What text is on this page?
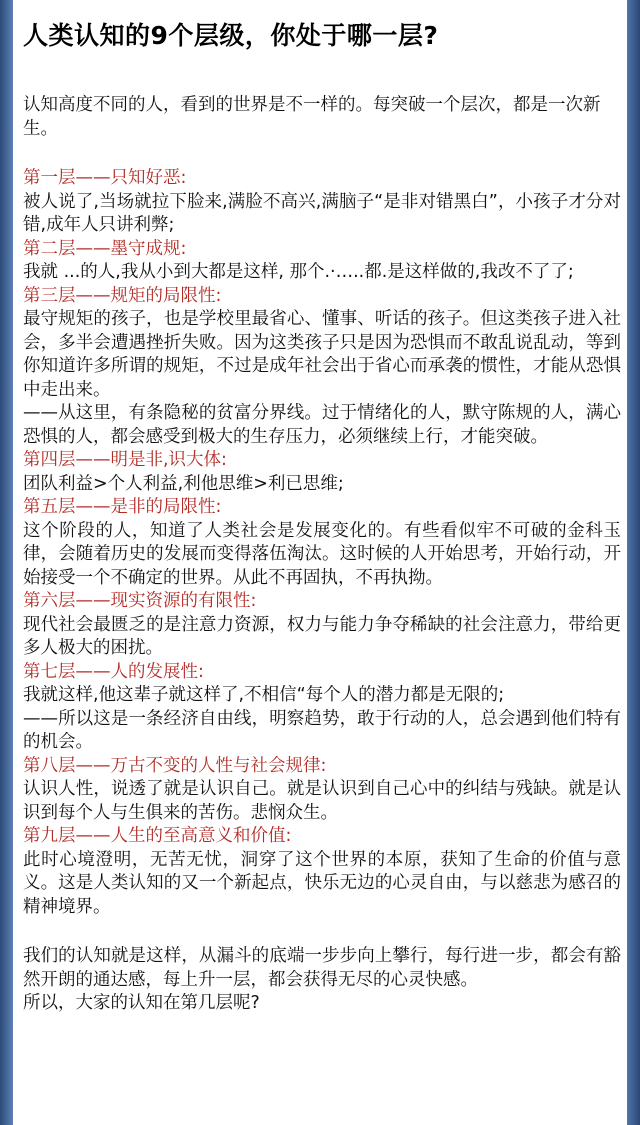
人类认知的9个层级，你处于哪一层?

认知高度不同的人，看到的世界是不一样的。每突破一个层次，都是一次新生。

第一层——只知好恶:

被人说了,当场就拉下脸来,满脸不高兴,满脑子“是非对错黑白”，小孩子才分对错,成年人只讲利弊;

第二层——墨守成规:

我就 ...的人,我从小到大都是这样, 那个.·…..都.是这样做的,我改不了了;

第三层——规矩的局限性:

最守规矩的孩子，也是学校里最省心、懂事、听话的孩子。但这类孩子进入社会，多半会遭遇挫折失败。因为这类孩子只是因为恐惧而不敢乱说乱动，等到你知道许多所谓的规矩，不过是成年社会出于省心而承袭的惯性，才能从恐惧中走出来。

——从这里，有条隐秘的贫富分界线。过于情绪化的人，默守陈规的人，满心恐惧的人，都会感受到极大的生存压力，必须继续上行，才能突破。

第四层——明是非,识大体:

团队利益>个人利益,利他思维>利已思维;

第五层——是非的局限性:

这个阶段的人，知道了人类社会是发展变化的。有些看似牢不可破的金科玉律，会随着历史的发展而变得落伍淘汰。这时候的人开始思考，开始行动，开始接受一个不确定的世界。从此不再固执，不再执拗。

第六层——现实资源的有限性:

现代社会最匮乏的是注意力资源，权力与能力争夺稀缺的社会注意力，带给更多人极大的困扰。

第七层——人的发展性:

我就这样,他这辈子就这样了,不相信“每个人的潜力都是无限的;

——所以这是一条经济自由线，明察趋势，敢于行动的人，总会遇到他们特有的机会。

第八层——万古不变的人性与社会规律:

认识人性，说透了就是认识自己。就是认识到自己心中的纠结与残缺。就是认识到每个人与生俱来的苦伤。悲悯众生。

第九层——人生的至高意义和价值:

此时心境澄明，无苦无忧，洞穿了这个世界的本原，获知了生命的价值与意义。这是人类认知的又一个新起点，快乐无边的心灵自由，与以慈悲为感召的精神境界。

我们的认知就是这样，从漏斗的底端一步步向上攀行，每行进一步，都会有豁然开朗的通达感，每上升一层，都会获得无尽的心灵快感。

所以，大家的认知在第几层呢?
